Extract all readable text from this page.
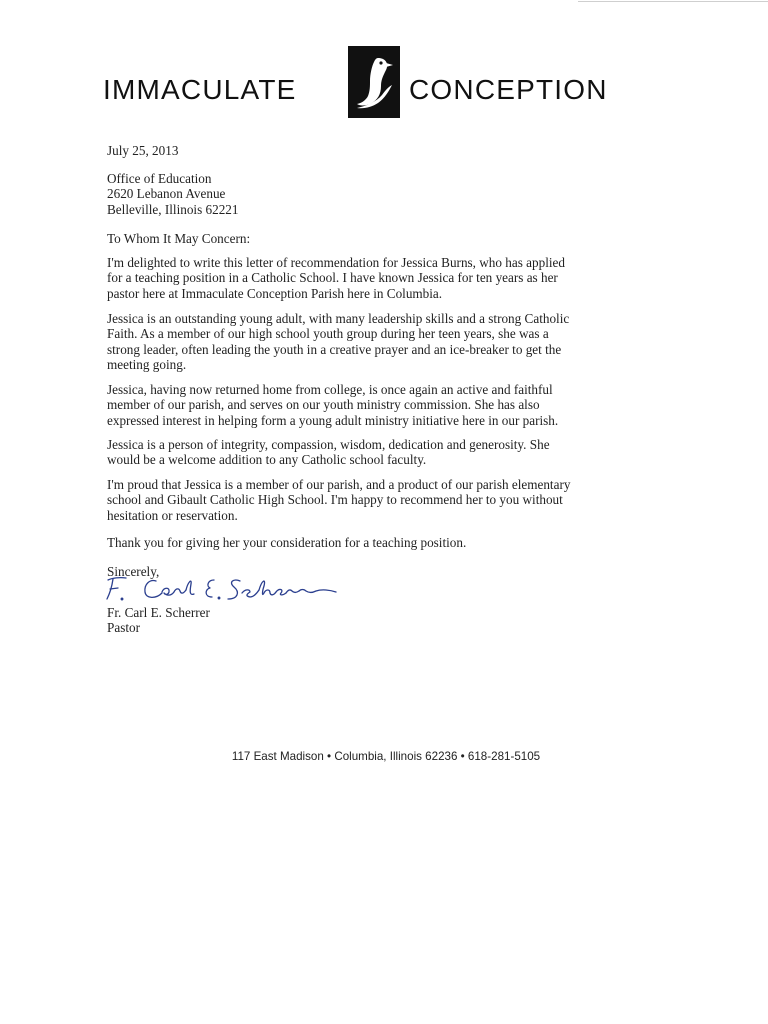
IMMACULATE	CONCEPTION
July 25, 2013
Office of Education
2620 Lebanon Avenue
Belleville, Illinois 62221
To Whom It May Concern:
I'm delighted to write this letter of recommendation for Jessica Burns, who has applied
for a teaching position in a Catholic School. I have known Jessica for ten years as her
pastor here at Immaculate Conception Parish here in Columbia.
Jessica is an outstanding young adult, with many leadership skills and a strong Catholic
Faith. As a member of our high school youth group during her teen years, she was a
strong leader, often leading the youth in a creative prayer and an ice-breaker to get the
meeting going.
Jessica, having now returned home from college, is once again an active and faithful
member of our parish, and serves on our youth ministry commission. She has also
expressed interest in helping form a young adult ministry initiative here in our parish.
Jessica is a person of integrity, compassion, wisdom, dedication and generosity. She
would be a welcome addition to any Catholic school faculty.
I'm proud that Jessica is a member of our parish, and a product of our parish elementary
school and Gibault Catholic High School. I'm happy to recommend her to you without
hesitation or reservation.
Thank you for giving her your consideration for a teaching position.
Sincerely,
Fr. Carl E. Scherrer
Pastor
117 East Madison • Columbia, Illinois 62236 • 618-281-5105
